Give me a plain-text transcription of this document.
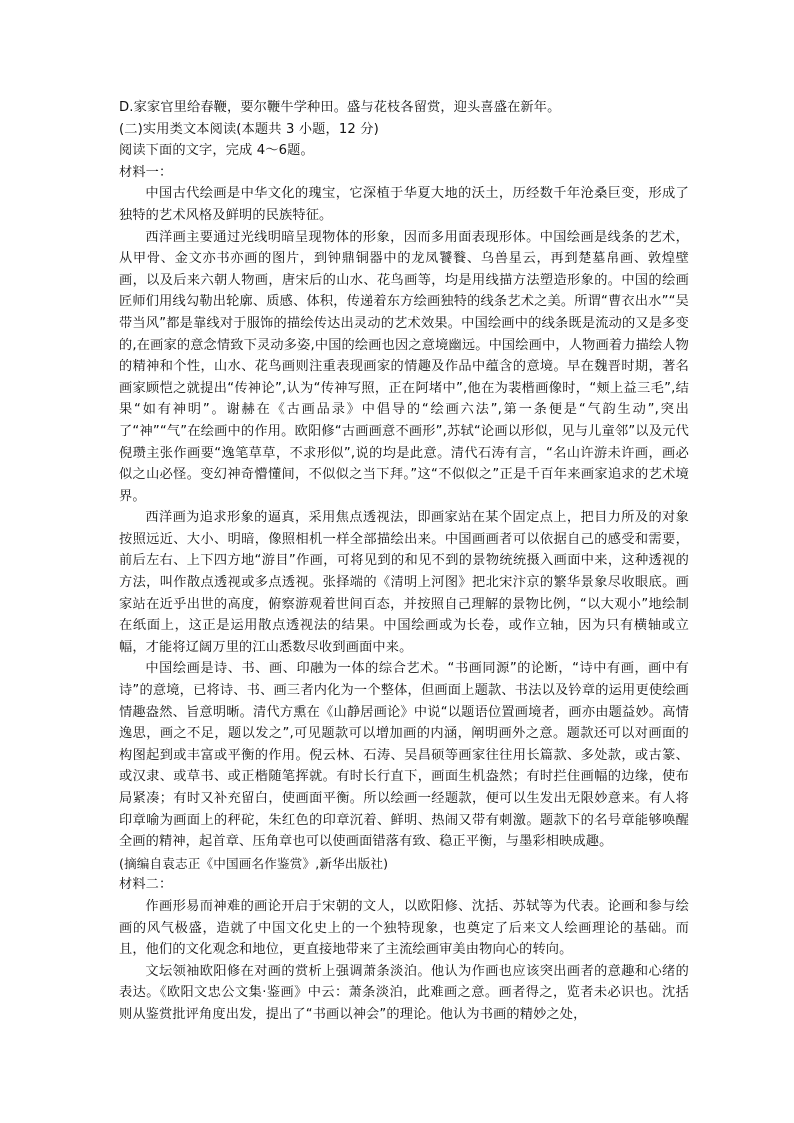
D.家家官里给春鞭，要尔鞭牛学种田。盛与花枝各留赏，迎头喜盛在新年。

(二)实用类文本阅读(本题共 3 小题，12 分)

阅读下面的文字，完成 4～6题。

材料一：

中国古代绘画是中华文化的瑰宝，它深植于华夏大地的沃土，历经数千年沧桑巨变，形成了独特的艺术风格及鲜明的民族特征。

西洋画主要通过光线明暗呈现物体的形象，因而多用面表现形体。中国绘画是线条的艺术，从甲骨、金文亦书亦画的图片，到钟鼎铜器中的龙凤饕餮、乌兽星云，再到楚墓帛画、敦煌壁画，以及后来六朝人物画，唐宋后的山水、花鸟画等，均是用线描方法塑造形象的。中国的绘画匠师们用线勾勒出轮廓、质感、体积，传递着东方绘画独特的线条艺术之美。所谓“曹衣出水”“吴带当风”都是靠线对于服饰的描绘传达出灵动的艺术效果。中国绘画中的线条既是流动的又是多变的,在画家的意念情致下灵动多姿,中国的绘画也因之意境幽远。中国绘画中，人物画着力描绘人物的精神和个性，山水、花鸟画则注重表现画家的情趣及作品中蕴含的意境。早在魏晋时期，著名画家顾恺之就提出“传神论”,认为“传神写照，正在阿堵中”,他在为裴楷画像时，“颊上益三毛”,结果“如有神明”。谢赫在《古画品录》中倡导的“绘画六法”,第一条便是“气韵生动”,突出了“神”“气”在绘画中的作用。欧阳修“古画画意不画形”,苏轼“论画以形似，见与儿童邻”以及元代倪瓒主张作画要“逸笔草草，不求形似”,说的均是此意。清代石涛有言，“名山许游未许画，画必似之山必怪。变幻神奇懵懂间，不似似之当下拜。”这“不似似之”正是千百年来画家追求的艺术境界。

西洋画为追求形象的逼真，采用焦点透视法，即画家站在某个固定点上，把目力所及的对象按照远近、大小、明暗，像照相机一样全部描绘出来。中国画画者可以依据自己的感受和需要，前后左右、上下四方地“游目”作画，可将见到的和见不到的景物统统摄入画面中来，这种透视的方法，叫作散点透视或多点透视。张择端的《清明上河图》把北宋汴京的繁华景象尽收眼底。画家站在近乎出世的高度，俯察游观着世间百态，并按照自己理解的景物比例，“以大观小”地绘制在纸面上，这正是运用散点透视法的结果。中国绘画或为长卷，或作立轴，因为只有横轴或立幅，才能将辽阔万里的江山悉数尽收到画面中来。

中国绘画是诗、书、画、印融为一体的综合艺术。“书画同源”的论断，“诗中有画，画中有诗”的意境，已将诗、书、画三者内化为一个整体，但画面上题款、书法以及钤章的运用更使绘画情趣盎然、旨意明晰。清代方熏在《山静居画论》中说“以题语位置画境者，画亦由题益妙。高情逸思，画之不足，题以发之”,可见题款可以增加画的内涵，阐明画外之意。题款还可以对画面的构图起到或丰富或平衡的作用。倪云林、石涛、吴昌硕等画家往往用长篇款、多处款，或古篆、或汉隶、或草书、或正楷随笔挥就。有时长行直下，画面生机盎然；有时拦住画幅的边缘，使布局紧凑；有时又补充留白，使画面平衡。所以绘画一经题款，便可以生发出无限妙意来。有人将印章喻为画面上的秤砣，朱红色的印章沉着、鲜明、热闹又带有刺激。题款下的名号章能够唤醒全画的精神，起首章、压角章也可以使画面错落有致、稳正平衡，与墨彩相映成趣。

(摘编自袁志正《中国画名作鉴赏》,新华出版社)

材料二：

作画形易而神难的画论开启于宋朝的文人，以欧阳修、沈括、苏轼等为代表。论画和参与绘画的风气极盛，造就了中国文化史上的一个独特现象，也奠定了后来文人绘画理论的基础。而且，他们的文化观念和地位，更直接地带来了主流绘画审美由物向心的转向。

文坛领袖欧阳修在对画的赏析上强调萧条淡泊。他认为作画也应该突出画者的意趣和心绪的表达。《欧阳文忠公文集·鉴画》中云：萧条淡泊，此难画之意。画者得之，览者未必识也。沈括则从鉴赏批评角度出发，提出了“书画以神会”的理论。他认为书画的精妙之处，
